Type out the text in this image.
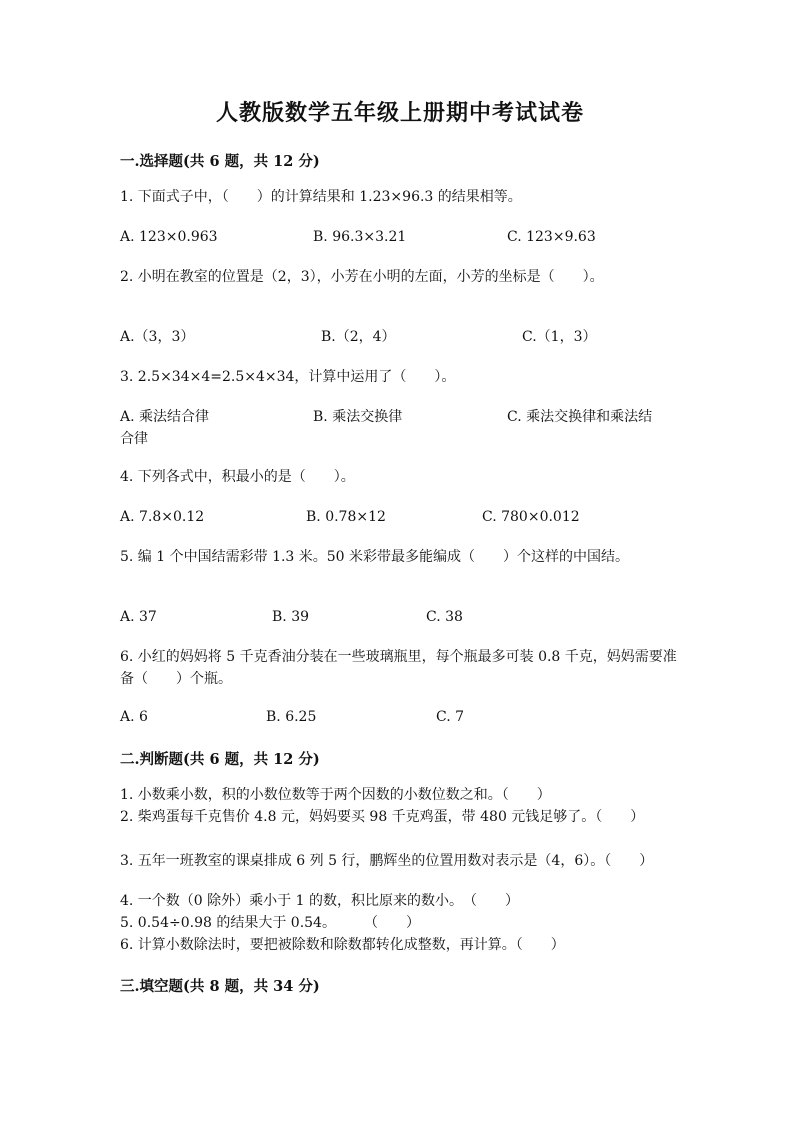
人教版数学五年级上册期中考试试卷
一.选择题(共 6 题，共 12 分)
1. 下面式子中，（　　）的计算结果和 1.23×96.3 的结果相等。
A. 123×0.963	B. 96.3×3.21	C. 123×9.63
2. 小明在教室的位置是（2，3），小芳在小明的左面，小芳的坐标是（　　）。
A.（3，3）	B.（2，4）	C.（1，3）
3. 2.5×34×4=2.5×4×34，计算中运用了（　　）。
A. 乘法结合律	B. 乘法交换律	C. 乘法交换律和乘法结
合律
4. 下列各式中，积最小的是（　　）。
A. 7.8×0.12	B. 0.78×12	C. 780×0.012
5. 编 1 个中国结需彩带 1.3 米。50 米彩带最多能编成（　　）个这样的中国结。
A. 37	B. 39	C. 38
6. 小红的妈妈将 5 千克香油分装在一些玻璃瓶里，每个瓶最多可装 0.8 千克，妈妈需要准备（　　）个瓶。
A. 6	B. 6.25	C. 7
二.判断题(共 6 题，共 12 分)
1. 小数乘小数，积的小数位数等于两个因数的小数位数之和。（　　）
2. 柴鸡蛋每千克售价 4.8 元，妈妈要买 98 千克鸡蛋，带 480 元钱足够了。（　　）
3. 五年一班教室的课桌排成 6 列 5 行，鹏辉坐的位置用数对表示是（4，6）。（　　）
4. 一个数（0 除外）乘小于 1 的数，积比原来的数小。　（　　）
5. 0.54÷0.98 的结果大于 0.54。　　　（　　）
6. 计算小数除法时，要把被除数和除数都转化成整数，再计算。（　　）
三.填空题(共 8 题，共 34 分)
